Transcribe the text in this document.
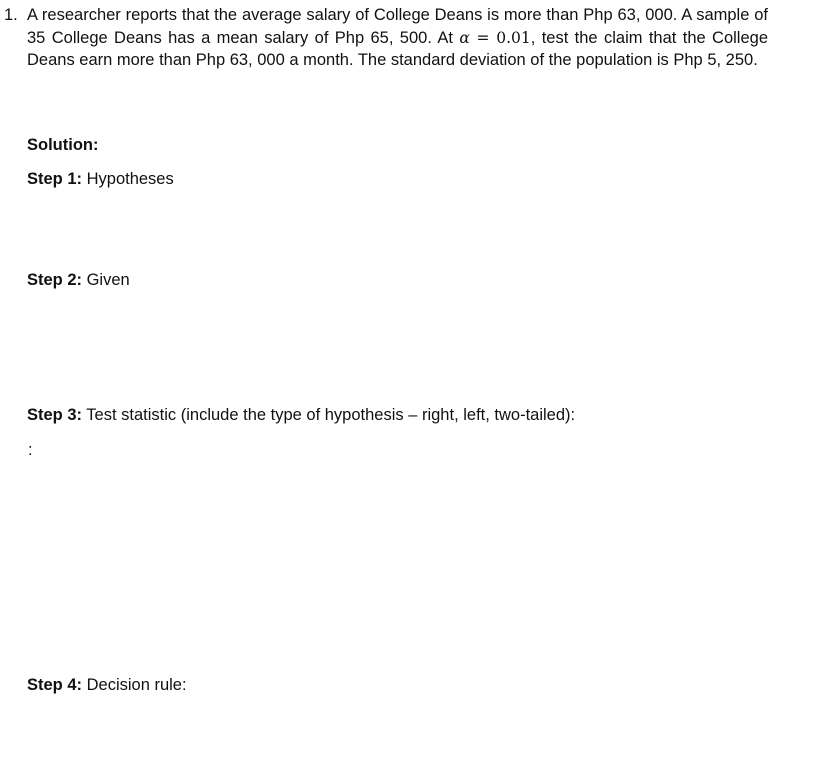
1. A researcher reports that the average salary of College Deans is more than Php 63, 000. A sample of 35 College Deans has a mean salary of Php 65, 500. At α = 0.01, test the claim that the College Deans earn more than Php 63, 000 a month. The standard deviation of the population is Php 5, 250.
Solution:
Step 1: Hypotheses
Step 2: Given
Step 3: Test statistic (include the type of hypothesis – right, left, two-tailed):
:
Step 4: Decision rule:
